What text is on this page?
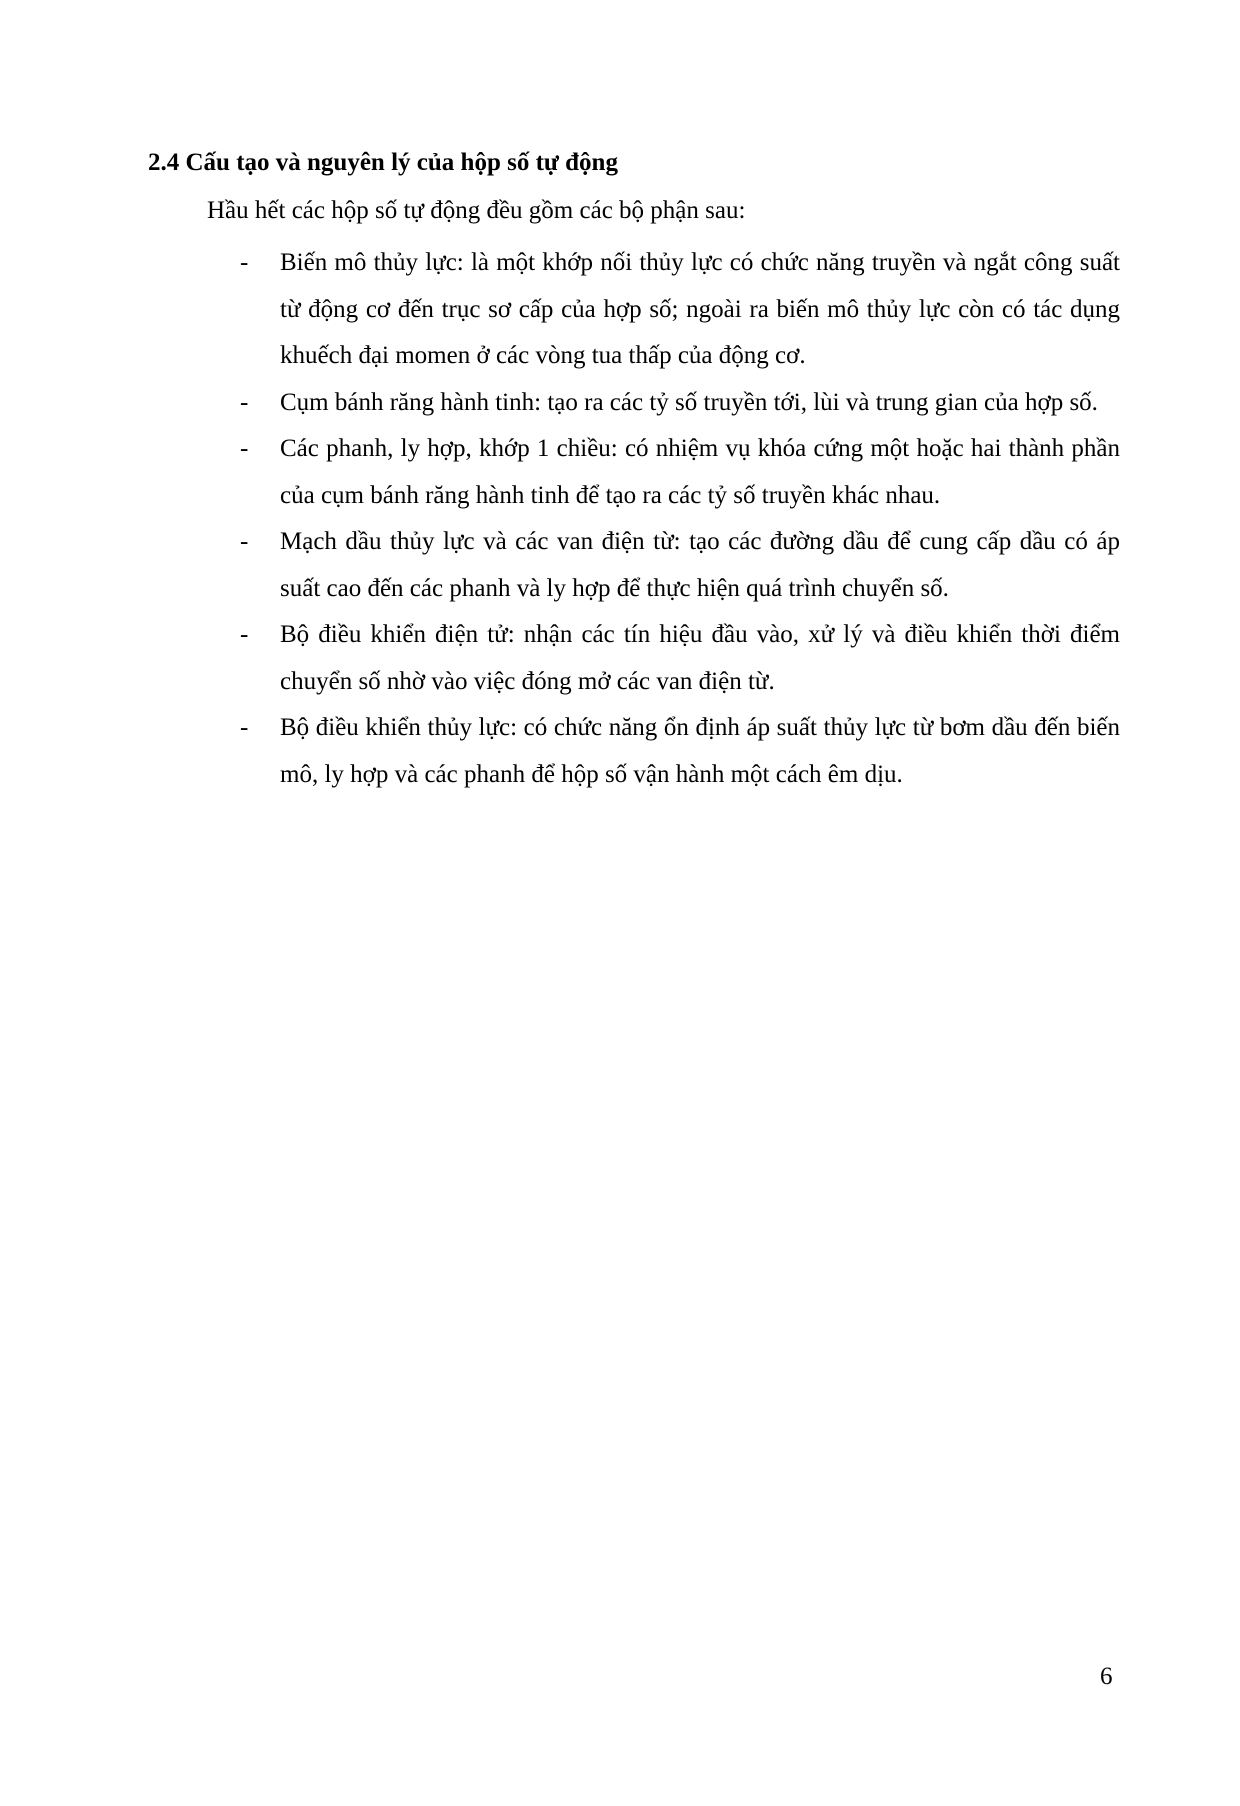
2.4 Cấu tạo và nguyên lý của hộp số tự động
Hầu hết các hộp số tự động đều gồm các bộ phận sau:
- Biến mô thủy lực: là một khớp nối thủy lực có chức năng truyền và ngắt công suất từ động cơ đến trục sơ cấp của hợp số; ngoài ra biến mô thủy lực còn có tác dụng khuếch đại momen ở các vòng tua thấp của động cơ.
- Cụm bánh răng hành tinh: tạo ra các tỷ số truyền tới, lùi và trung gian của hợp số.
- Các phanh, ly hợp, khớp 1 chiều: có nhiệm vụ khóa cứng một hoặc hai thành phần của cụm bánh răng hành tinh để tạo ra các tỷ số truyền khác nhau.
- Mạch dầu thủy lực và các van điện từ: tạo các đường dầu để cung cấp dầu có áp suất cao đến các phanh và ly hợp để thực hiện quá trình chuyển số.
- Bộ điều khiển điện tử: nhận các tín hiệu đầu vào, xử lý và điều khiển thời điểm chuyển số nhờ vào việc đóng mở các van điện từ.
- Bộ điều khiển thủy lực: có chức năng ổn định áp suất thủy lực từ bơm dầu đến biến mô, ly hợp và các phanh để hộp số vận hành một cách êm dịu.
6
